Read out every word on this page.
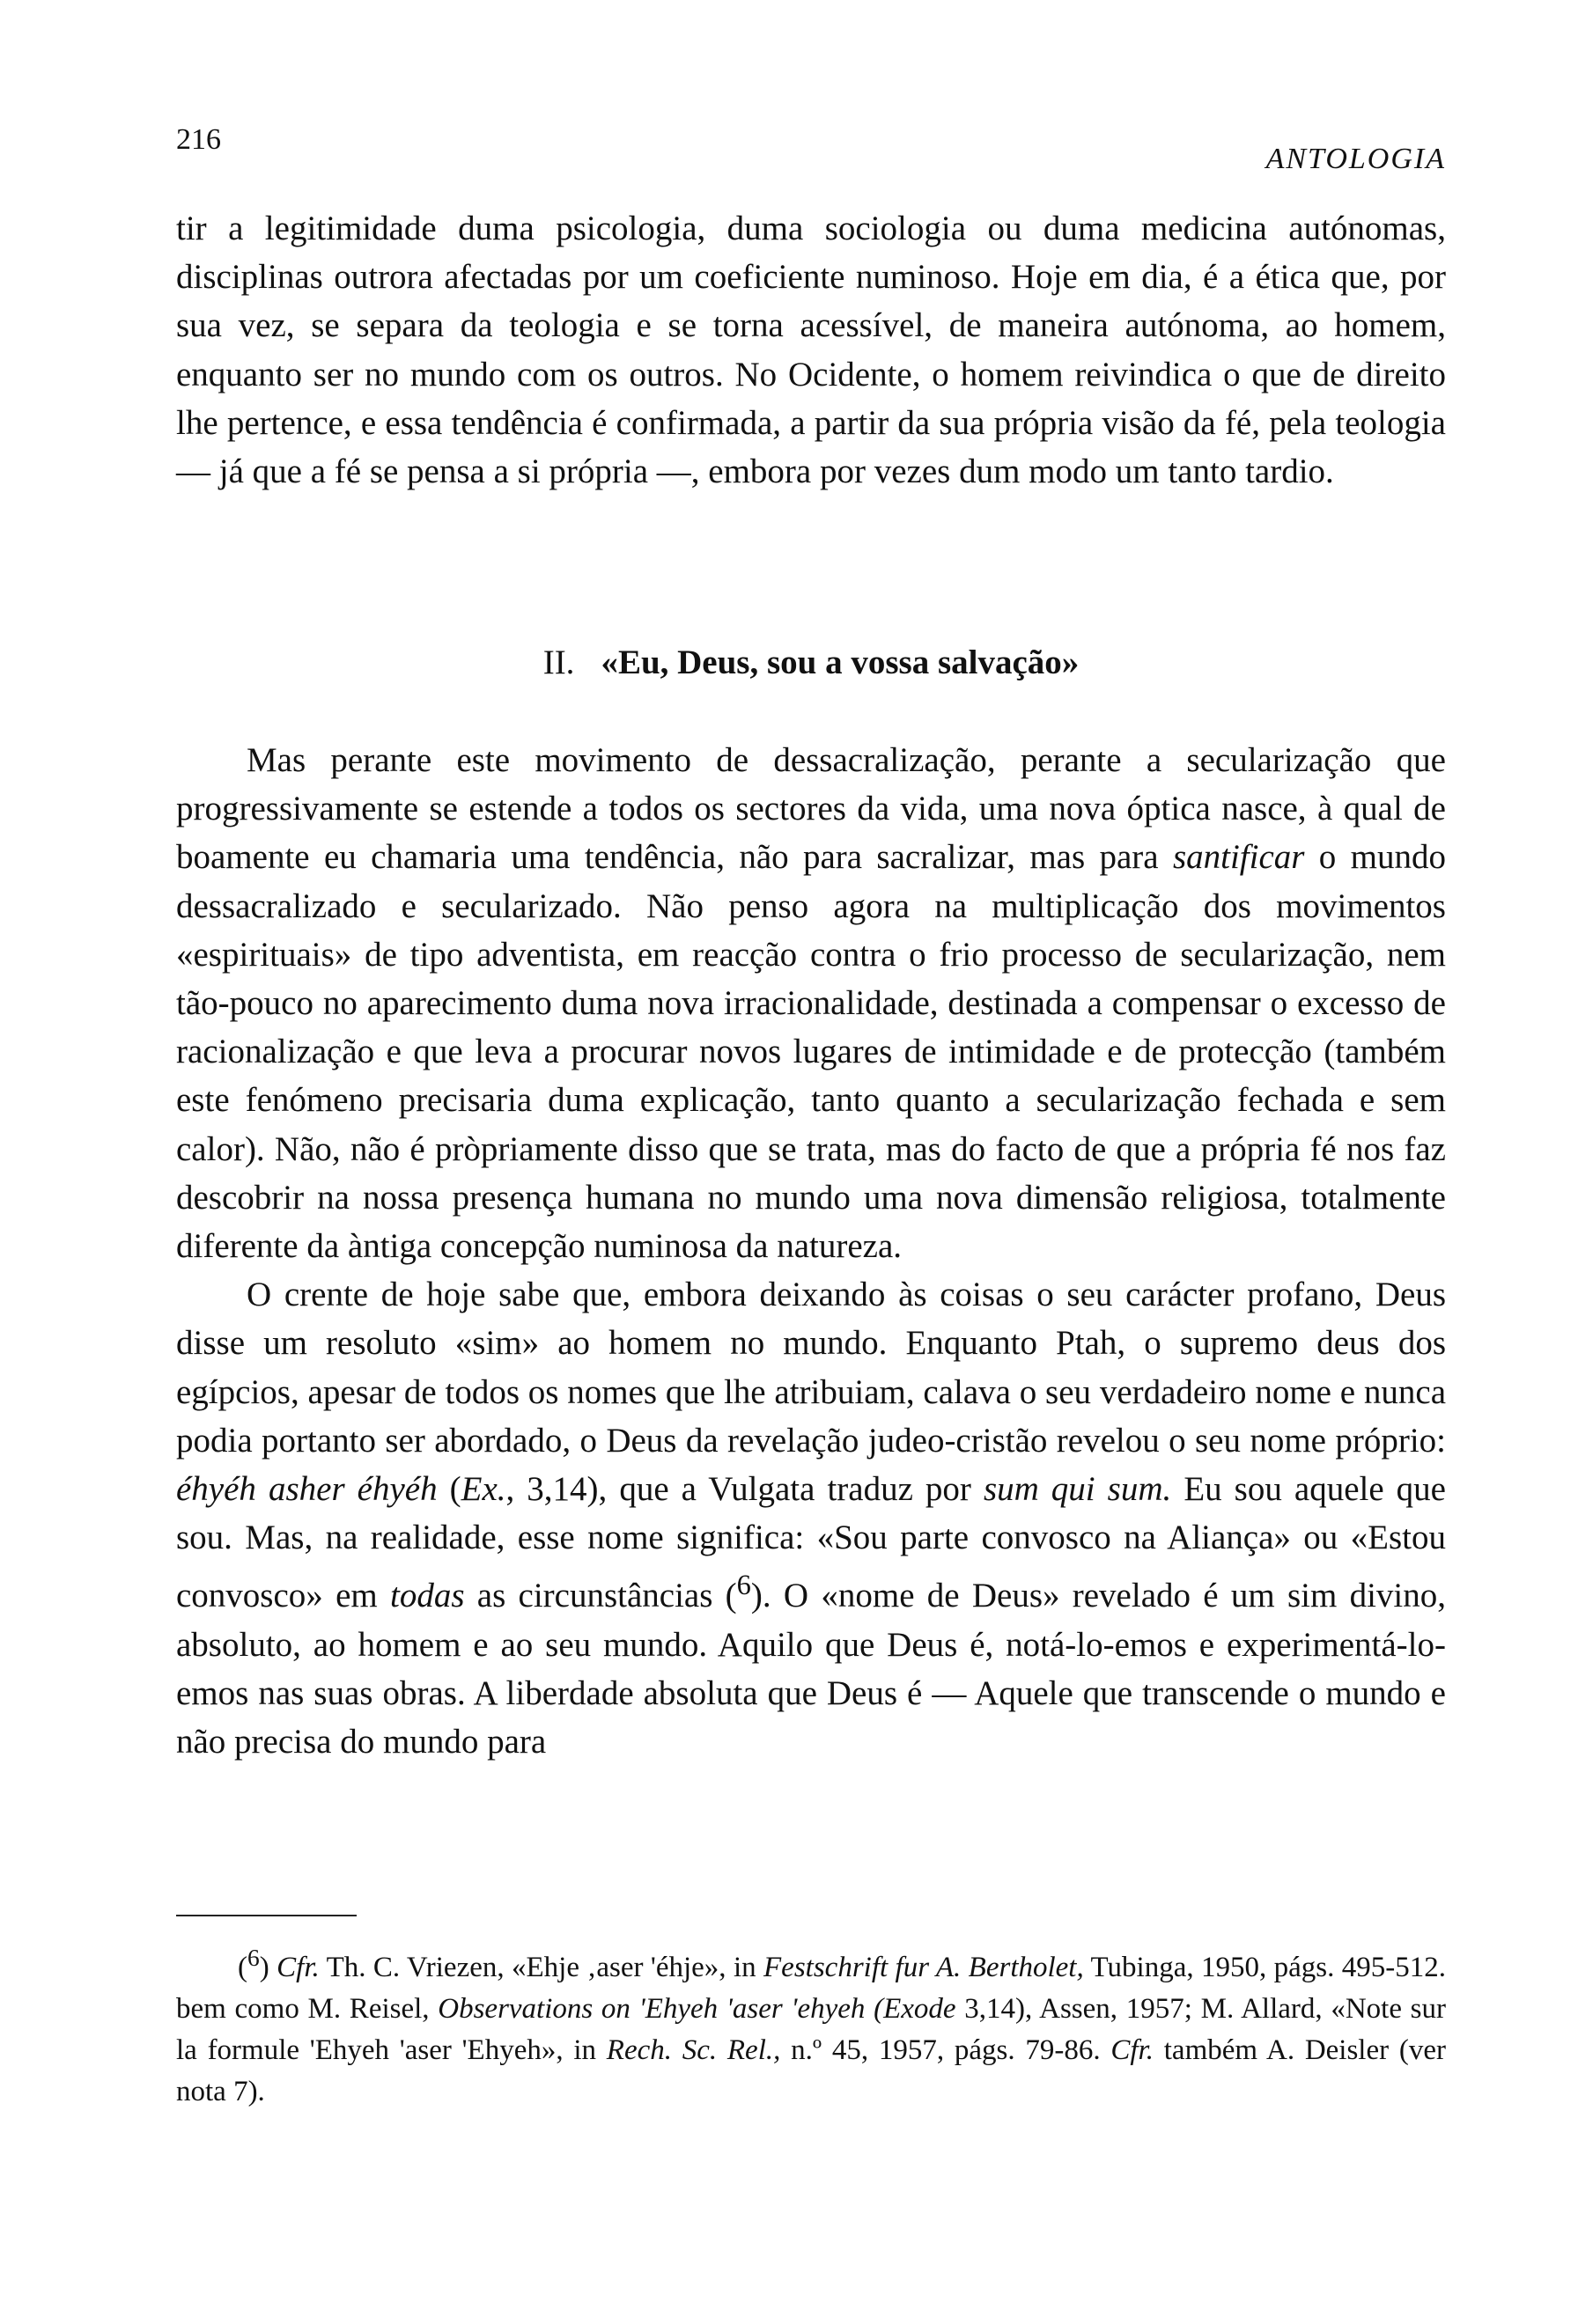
216
ANTOLOGIA

tir a legitimidade duma psicologia, duma sociologia ou duma medicina autónomas, disciplinas outrora afectadas por um coeficiente numinoso. Hoje em dia, é a ética que, por sua vez, se separa da teologia e se torna acessível, de maneira autónoma, ao homem, enquanto ser no mundo com os outros. No Ocidente, o homem reivindica o que de direito lhe pertence, e essa tendência é confirmada, a partir da sua própria visão da fé, pela teologia — já que a fé se pensa a si própria —, embora por vezes dum modo um tanto tardio.

II. «Eu, Deus, sou a vossa salvação»

Mas perante este movimento de dessacralização, perante a secularização que progressivamente se estende a todos os sectores da vida, uma nova óptica nasce, à qual de boamente eu chamaria uma tendência, não para sacralizar, mas para santificar o mundo dessacralizado e secularizado. Não penso agora na multiplicação dos movimentos «espirituais» de tipo adventista, em reacção contra o frio processo de secularização, nem tão-pouco no aparecimento duma nova irracionalidade, destinada a compensar o excesso de racionalização e que leva a procurar novos lugares de intimidade e de protecção (também este fenómeno precisaria duma explicação, tanto quanto a secularização fechada e sem calor). Não, não é pròpriamente disso que se trata, mas do facto de que a própria fé nos faz descobrir na nossa presença humana no mundo uma nova dimensão religiosa, totalmente diferente da àntiga concepção numinosa da natureza.

O crente de hoje sabe que, embora deixando às coisas o seu carácter profano, Deus disse um resoluto «sim» ao homem no mundo. Enquanto Ptah, o supremo deus dos egípcios, apesar de todos os nomes que lhe atribuiam, calava o seu verdadeiro nome e nunca podia portanto ser abordado, o Deus da revelação judeo-cristão revelou o seu nome próprio: éhyéh asher éhyéh (Ex., 3,14), que a Vulgata traduz por sum qui sum. Eu sou aquele que sou. Mas, na realidade, esse nome significa: «Sou parte convosco na Aliança» ou «Estou convosco» em todas as circunstâncias ($^6$). O «nome de Deus» revelado é um sim divino, absoluto, ao homem e ao seu mundo. Aquilo que Deus é, notá-lo-emos e experimentá-lo-emos nas suas obras. A liberdade absoluta que Deus é — Aquele que transcende o mundo e não precisa do mundo para

($^6$) Cfr. Th. C. Vriezen, «Ehje ‚aser 'éhje», in Festschrift fur A. Bertholet, Tubinga, 1950, págs. 495-512. bem como M. Reisel, Observations on 'Ehyeh 'aser 'ehyeh (Exode 3,14), Assen, 1957; M. Allard, «Note sur la formule 'Ehyeh 'aser 'Ehyeh», in Rech. Sc. Rel., n.º 45, 1957, págs. 79-86. Cfr. também A. Deisler (ver nota 7).
